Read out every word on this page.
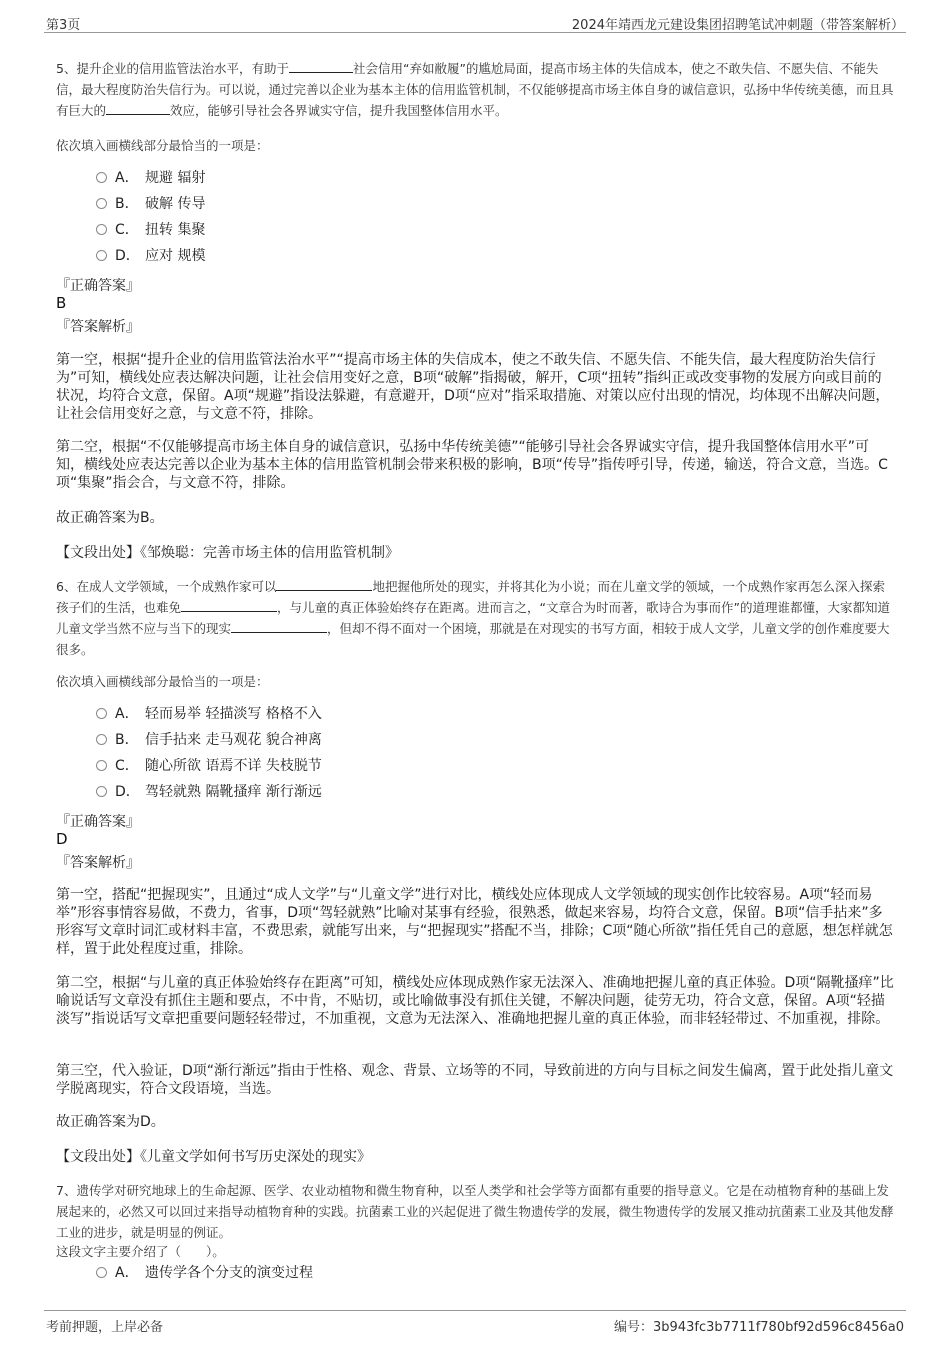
第3页	2024年靖西龙元建设集团招聘笔试冲刺题（带答案解析）
5、提升企业的信用监管法治水平，有助于	社会信用“弃如敝履”的尴尬局面，提高市场主体的失信成本，使之不敢失信、不愿失信、不能失信，最大程度防治失信行为。可以说，通过完善以企业为基本主体的信用监管机制，不仅能够提高市场主体自身的诚信意识，弘扬中华传统美德，而且具有巨大的	效应，能够引导社会各界诚实守信，提升我国整体信用水平。
依次填入画横线部分最恰当的一项是：
A． 规避 辐射
B． 破解 传导
C． 扭转 集聚
D． 应对 规模
『正确答案』
B
『答案解析』
第一空，根据“提升企业的信用监管法治水平”“提高市场主体的失信成本，使之不敢失信、不愿失信、不能失信，最大程度防治失信行为”可知，横线处应表达解决问题，让社会信用变好之意，B项“破解”指揭破，解开，C项“扭转”指纠正或改变事物的发展方向或目前的状况，均符合文意，保留。A项“规避”指设法躲避，有意避开，D项“应对”指采取措施、对策以应付出现的情况，均体现不出解决问题，让社会信用变好之意，与文意不符，排除。
第二空，根据“不仅能够提高市场主体自身的诚信意识，弘扬中华传统美德”“能够引导社会各界诚实守信，提升我国整体信用水平”可知，横线处应表达完善以企业为基本主体的信用监管机制会带来积极的影响，B项“传导”指传呼引导，传递，输送，符合文意，当选。C项“集聚”指会合，与文意不符，排除。
故正确答案为B。
【文段出处】《邹焕聪：完善市场主体的信用监管机制》
6、在成人文学领域，一个成熟作家可以	地把握他所处的现实，并将其化为小说；而在儿童文学的领域，一个成熟作家再怎么深入探索孩子们的生活，也难免	，与儿童的真正体验始终存在距离。进而言之，“文章合为时而著，歌诗合为事而作”的道理谁都懂，大家都知道儿童文学当然不应与当下的现实	，但却不得不面对一个困境，那就是在对现实的书写方面，相较于成人文学，儿童文学的创作难度要大很多。
依次填入画横线部分最恰当的一项是：
A． 轻而易举 轻描淡写 格格不入
B． 信手拈来 走马观花 貌合神离
C． 随心所欲 语焉不详 失枝脱节
D． 驾轻就熟 隔靴搔痒 渐行渐远
『正确答案』
D
『答案解析』
第一空，搭配“把握现实”，且通过“成人文学”与“儿童文学”进行对比，横线处应体现成人文学领域的现实创作比较容易。A项“轻而易举”形容事情容易做，不费力，省事，D项“驾轻就熟”比喻对某事有经验，很熟悉，做起来容易，均符合文意，保留。B项“信手拈来”多形容写文章时词汇或材料丰富，不费思索，就能写出来，与“把握现实”搭配不当，排除；C项“随心所欲”指任凭自己的意愿，想怎样就怎样，置于此处程度过重，排除。
第二空，根据“与儿童的真正体验始终存在距离”可知，横线处应体现成熟作家无法深入、准确地把握儿童的真正体验。D项“隔靴搔痒”比喻说话写文章没有抓住主题和要点，不中肯，不贴切，或比喻做事没有抓住关键，不解决问题，徒劳无功，符合文意，保留。A项“轻描淡写”指说话写文章把重要问题轻轻带过，不加重视，文意为无法深入、准确地把握儿童的真正体验，而非轻轻带过、不加重视，排除。
第三空，代入验证，D项“渐行渐远”指由于性格、观念、背景、立场等的不同，导致前进的方向与目标之间发生偏离，置于此处指儿童文学脱离现实，符合文段语境，当选。
故正确答案为D。
【文段出处】《儿童文学如何书写历史深处的现实》
7、遗传学对研究地球上的生命起源、医学、农业动植物和微生物育种，以至人类学和社会学等方面都有重要的指导意义。它是在动植物育种的基础上发展起来的，必然又可以回过来指导动植物育种的实践。抗菌素工业的兴起促进了微生物遗传学的发展，微生物遗传学的发展又推动抗菌素工业及其他发酵工业的进步，就是明显的例证。
这段文字主要介绍了（　　）。
A． 遗传学各个分支的演变过程
考前押题，上岸必备	编号：3b943fc3b7711f780bf92d596c8456a0
